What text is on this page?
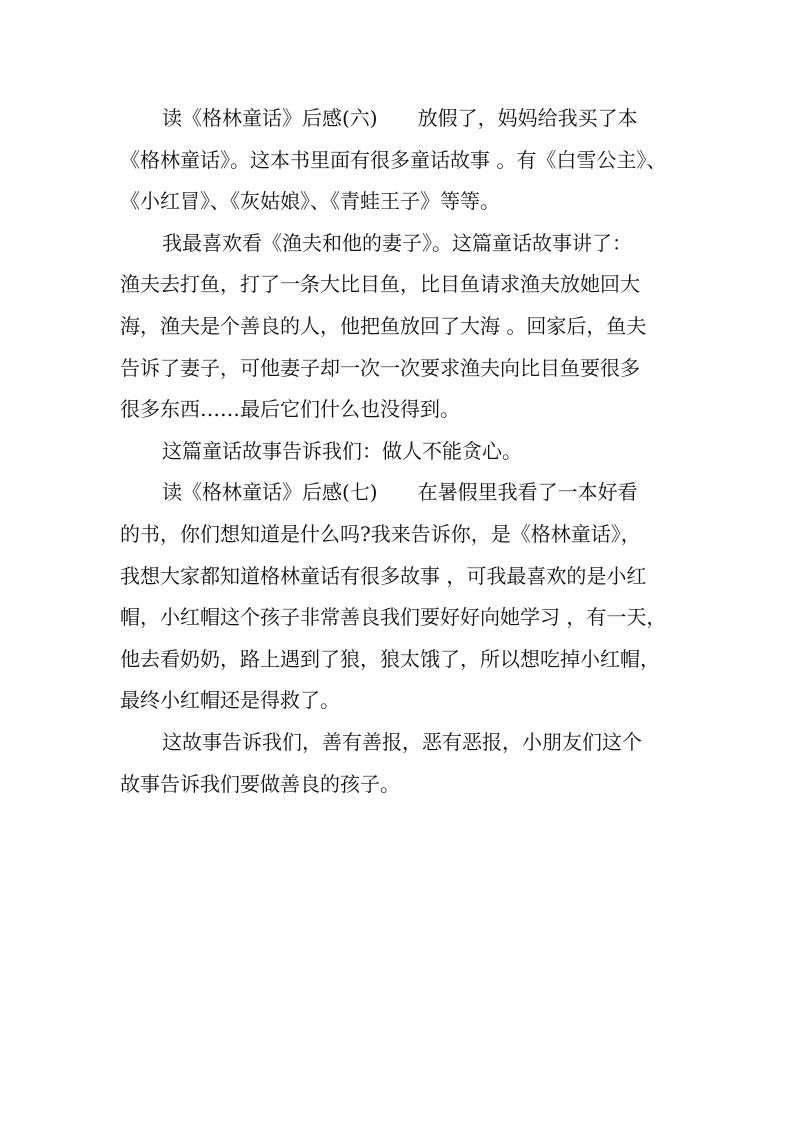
读《格林童话》后感(六)　　放假了，妈妈给我买了本
《格林童话》。这本书里面有很多童话故事 。有《白雪公主》、
《小红冒》、《灰姑娘》、《青蛙王子》等等。
我最喜欢看《渔夫和他的妻子》。这篇童话故事讲了：
渔夫去打鱼，打了一条大比目鱼，比目鱼请求渔夫放她回大
海，渔夫是个善良的人，他把鱼放回了大海 。回家后，鱼夫
告诉了妻子，可他妻子却一次一次要求渔夫向比目鱼要很多
很多东西……最后它们什么也没得到。
这篇童话故事告诉我们：做人不能贪心。
读《格林童话》后感(七)　　在暑假里我看了一本好看
的书，你们想知道是什么吗?我来告诉你，是《格林童话》，
我想大家都知道格林童话有很多故事 ，可我最喜欢的是小红
帽，小红帽这个孩子非常善良我们要好好向她学习 ，有一天，
他去看奶奶，路上遇到了狼，狼太饿了，所以想吃掉小红帽，
最终小红帽还是得救了。
这故事告诉我们，善有善报，恶有恶报，小朋友们这个
故事告诉我们要做善良的孩子。
